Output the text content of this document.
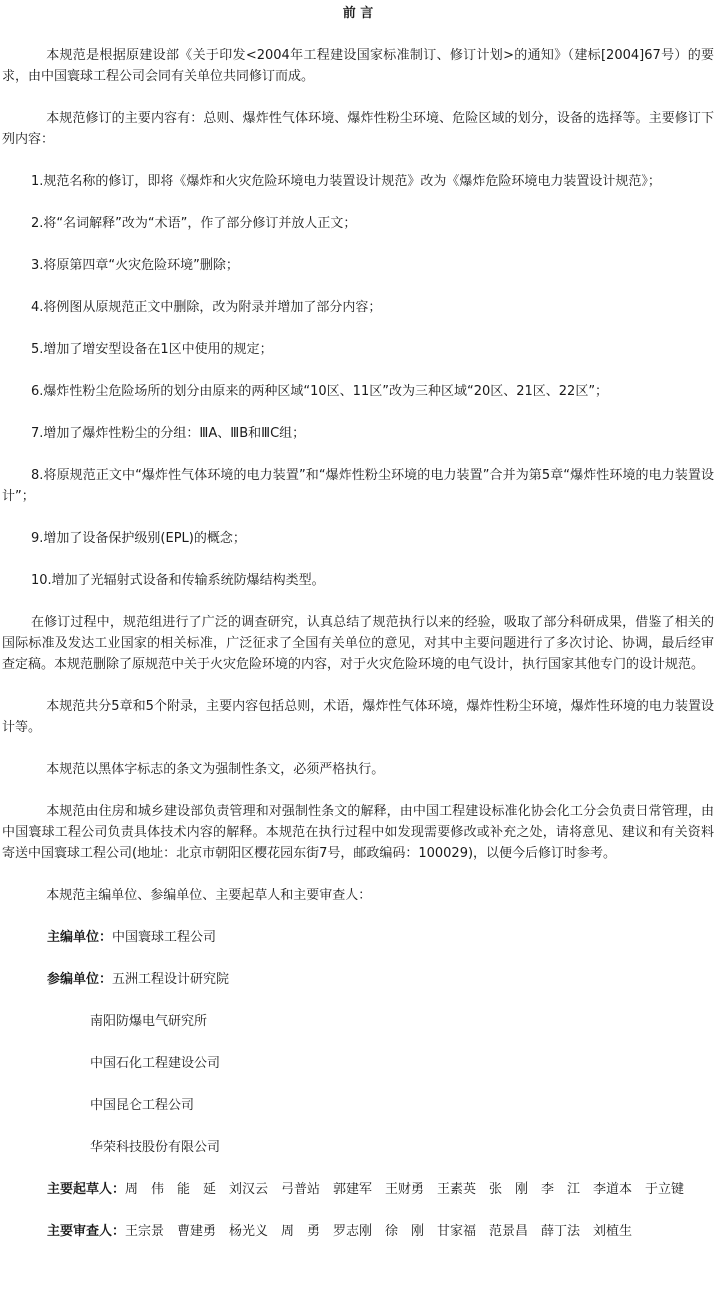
前 言

本规范是根据原建设部《关于印发<2004年工程建设国家标准制订、修订计划>的通知》（建标[2004]67号）的要求，由中国寰球工程公司会同有关单位共同修订而成。

本规范修订的主要内容有：总则、爆炸性气体环境、爆炸性粉尘环境、危险区域的划分，设备的选择等。主要修订下列内容：

1.规范名称的修订，即将《爆炸和火灾危险环境电力装置设计规范》改为《爆炸危险环境电力装置设计规范》；

2.将“名词解释”改为“术语”，作了部分修订并放人正文；

3.将原第四章“火灾危险环境”删除；

4.将例图从原规范正文中删除，改为附录并增加了部分内容；

5.增加了增安型设备在1区中使用的规定；

6.爆炸性粉尘危险场所的划分由原来的两种区域“10区、11区”改为三种区域“20区、21区、22区”；

7.增加了爆炸性粉尘的分组：ⅢA、ⅢB和ⅢC组；

8.将原规范正文中“爆炸性气体环境的电力装置”和“爆炸性粉尘环境的电力装置”合并为第5章“爆炸性环境的电力装置设计”；

9.增加了设备保护级别(EPL)的概念；

10.增加了光辐射式设备和传输系统防爆结构类型。

在修订过程中，规范组进行了广泛的调查研究，认真总结了规范执行以来的经验，吸取了部分科研成果，借鉴了相关的国际标准及发达工业国家的相关标准，广泛征求了全国有关单位的意见，对其中主要问题进行了多次讨论、协调，最后经审查定稿。本规范删除了原规范中关于火灾危险环境的内容，对于火灾危险环境的电气设计，执行国家其他专门的设计规范。

本规范共分5章和5个附录，主要内容包括总则，术语，爆炸性气体环境，爆炸性粉尘环境，爆炸性环境的电力装置设计等。

本规范以黑体字标志的条文为强制性条文，必须严格执行。

本规范由住房和城乡建设部负责管理和对强制性条文的解释，由中国工程建设标准化协会化工分会负责日常管理，由中国寰球工程公司负责具体技术内容的解释。本规范在执行过程中如发现需要修改或补充之处，请将意见、建议和有关资料寄送中国寰球工程公司(地址：北京市朝阳区樱花园东街7号，邮政编码：100029)，以便今后修订时参考。

本规范主编单位、参编单位、主要起草人和主要审查人：

主编单位：中国寰球工程公司

参编单位：五洲工程设计研究院

南阳防爆电气研究所

中国石化工程建设公司

中国昆仑工程公司

华荣科技股份有限公司

主要起草人：周　伟　能　延　刘汉云　弓普站　郭建军　王财勇　王素英　张　刚　李　江　李道本　于立键

主要审查人：王宗景　曹建勇　杨光义　周　勇　罗志刚　徐　刚　甘家福　范景昌　薛丁法　刘植生
